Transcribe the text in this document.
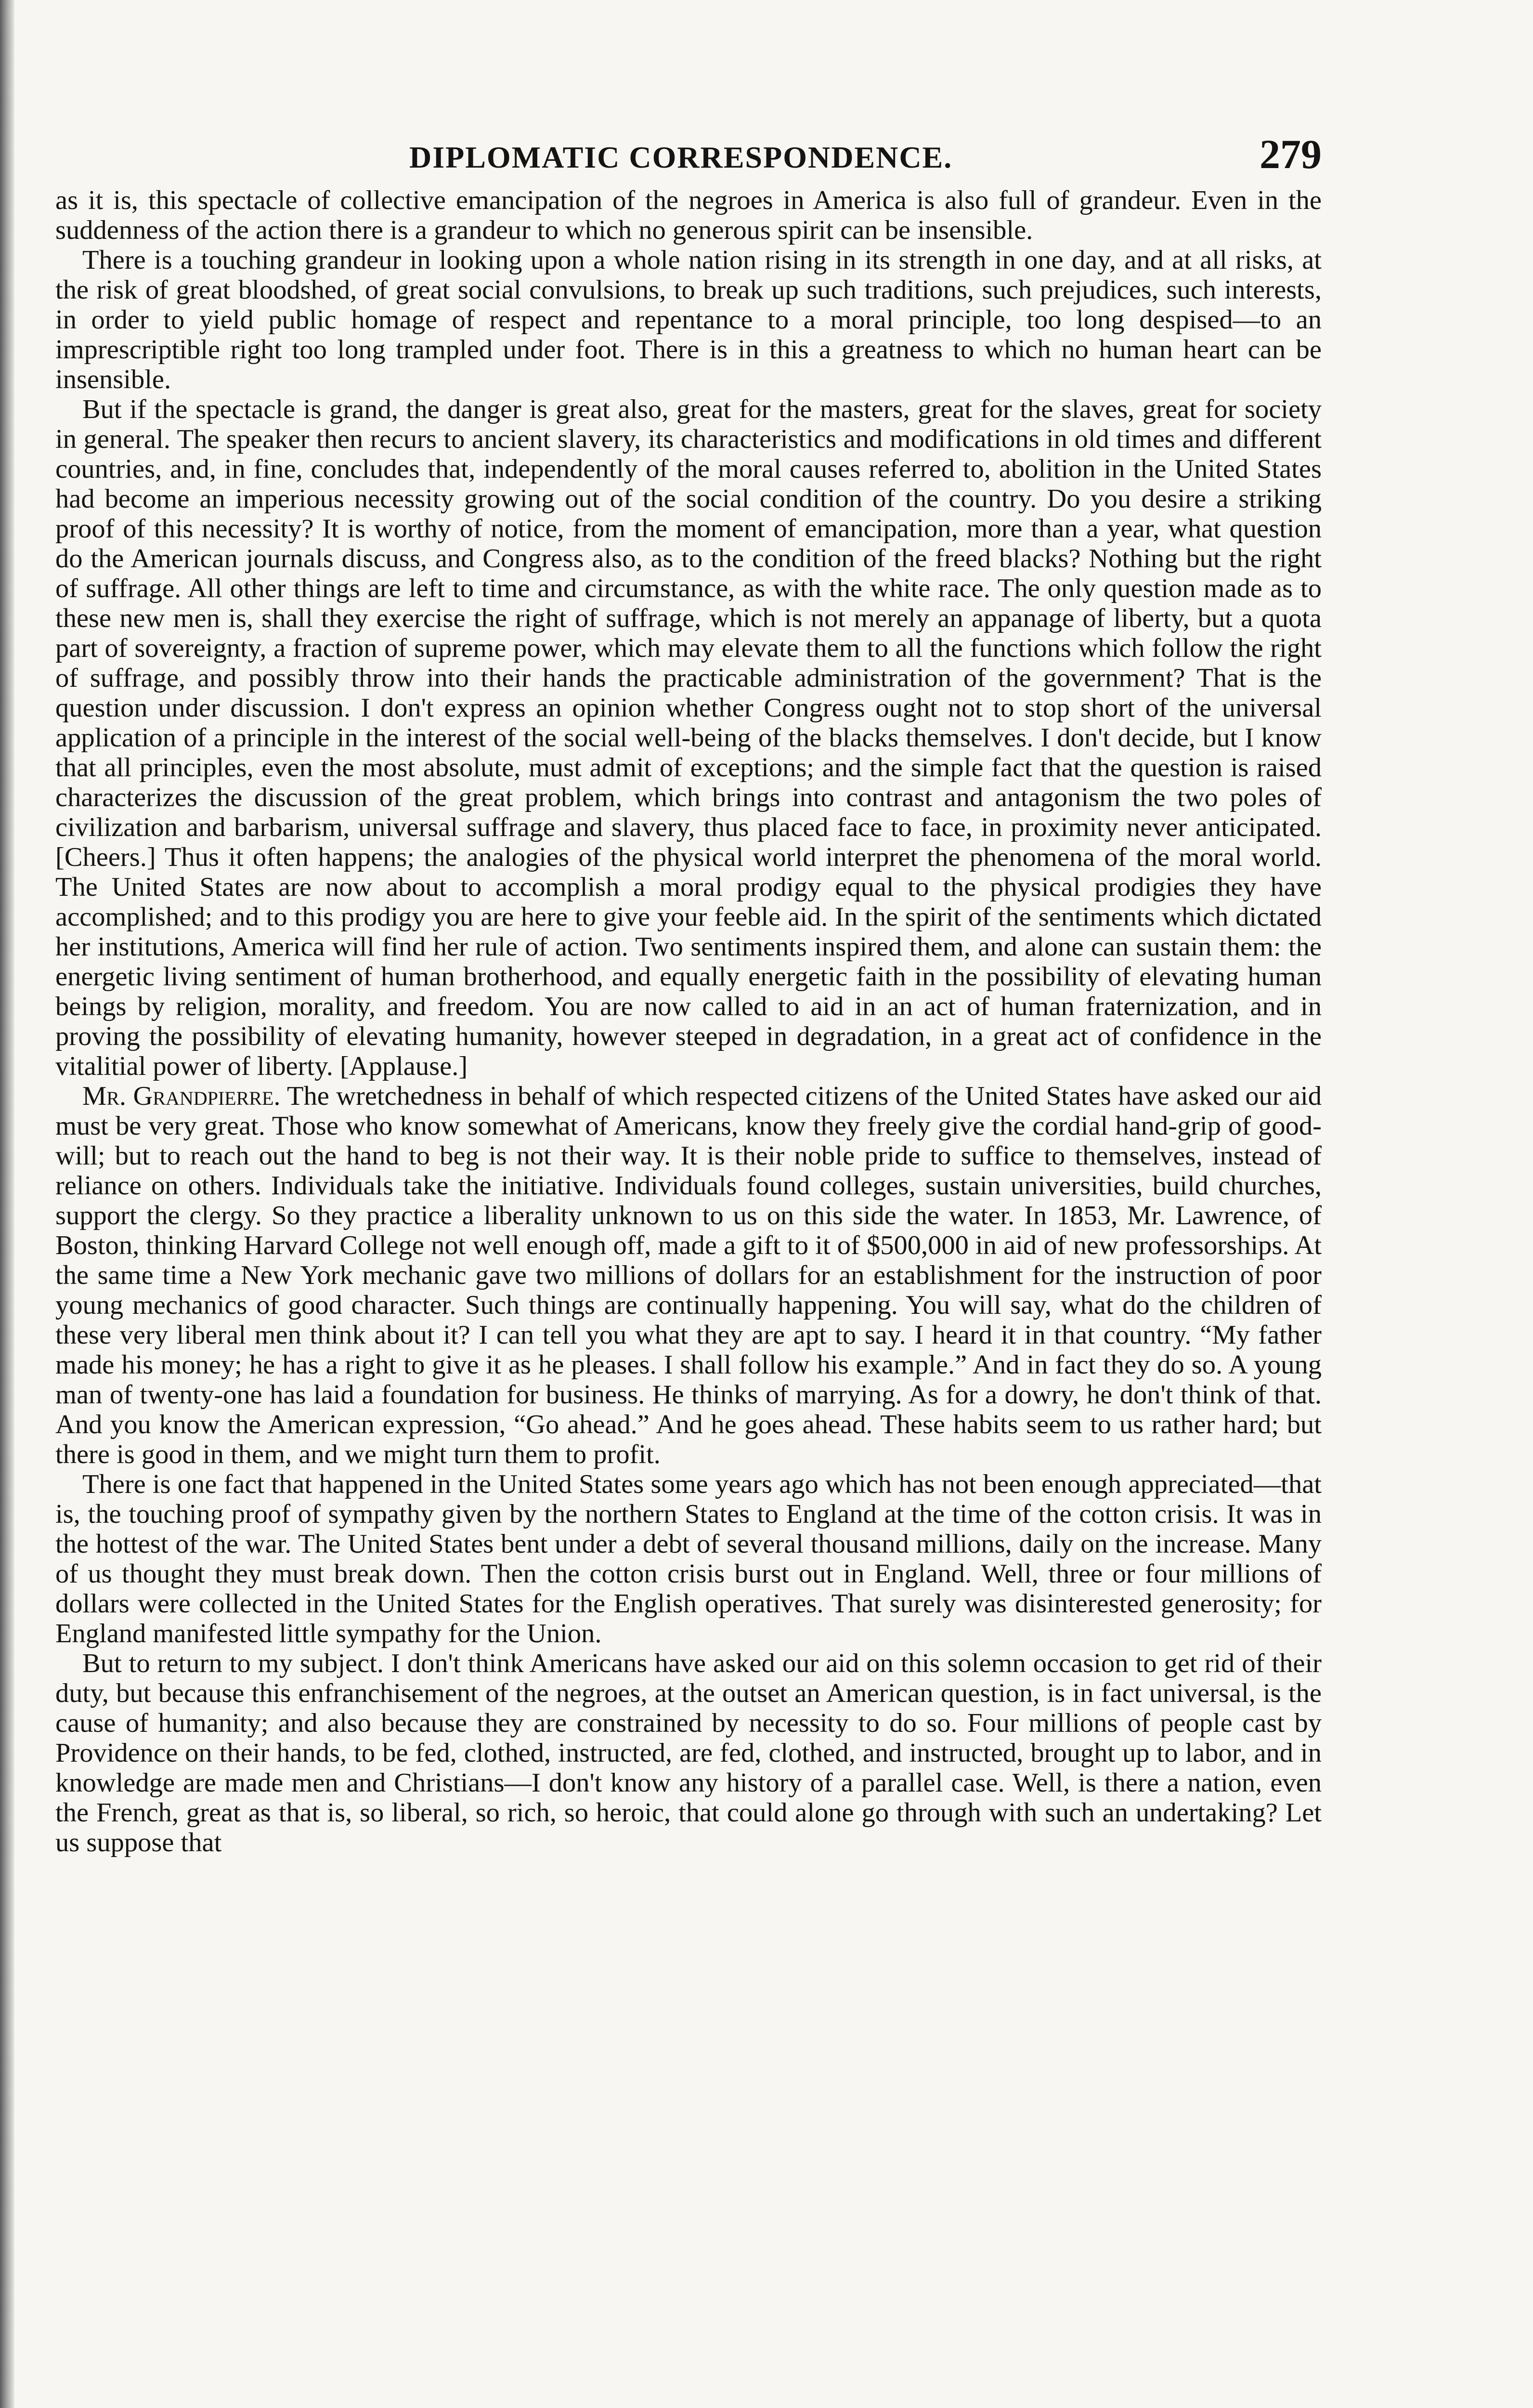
DIPLOMATIC CORRESPONDENCE.	279

as it is, this spectacle of collective emancipation of the negroes in America is also full of grandeur. Even in the suddenness of the action there is a grandeur to which no generous spirit can be insensible.

There is a touching grandeur in looking upon a whole nation rising in its strength in one day, and at all risks, at the risk of great bloodshed, of great social convulsions, to break up such traditions, such prejudices, such interests, in order to yield public homage of respect and repentance to a moral principle, too long despised—to an imprescriptible right too long trampled under foot. There is in this a greatness to which no human heart can be insensible.

But if the spectacle is grand, the danger is great also, great for the masters, great for the slaves, great for society in general. The speaker then recurs to ancient slavery, its characteristics and modifications in old times and different countries, and, in fine, concludes that, independently of the moral causes referred to, abolition in the United States had become an imperious necessity growing out of the social condition of the country. Do you desire a striking proof of this necessity? It is worthy of notice, from the moment of emancipation, more than a year, what question do the American journals discuss, and Congress also, as to the condition of the freed blacks? Nothing but the right of suffrage. All other things are left to time and circumstance, as with the white race. The only question made as to these new men is, shall they exercise the right of suffrage, which is not merely an appanage of liberty, but a quota part of sovereignty, a fraction of supreme power, which may elevate them to all the functions which follow the right of suffrage, and possibly throw into their hands the practicable administration of the government? That is the question under discussion. I don't express an opinion whether Congress ought not to stop short of the universal application of a principle in the interest of the social well-being of the blacks themselves. I don't decide, but I know that all principles, even the most absolute, must admit of exceptions; and the simple fact that the question is raised characterizes the discussion of the great problem, which brings into contrast and antagonism the two poles of civilization and barbarism, universal suffrage and slavery, thus placed face to face, in proximity never anticipated. [Cheers.] Thus it often happens; the analogies of the physical world interpret the phenomena of the moral world. The United States are now about to accomplish a moral prodigy equal to the physical prodigies they have accomplished; and to this prodigy you are here to give your feeble aid. In the spirit of the sentiments which dictated her institutions, America will find her rule of action. Two sentiments inspired them, and alone can sustain them: the energetic living sentiment of human brotherhood, and equally energetic faith in the possibility of elevating human beings by religion, morality, and freedom. You are now called to aid in an act of human fraternization, and in proving the possibility of elevating humanity, however steeped in degradation, in a great act of confidence in the vitalitial power of liberty. [Applause.]

Mr. Grandpierre. The wretchedness in behalf of which respected citizens of the United States have asked our aid must be very great. Those who know somewhat of Americans, know they freely give the cordial hand-grip of good-will; but to reach out the hand to beg is not their way. It is their noble pride to suffice to themselves, instead of reliance on others. Individuals take the initiative. Individuals found colleges, sustain universities, build churches, support the clergy. So they practice a liberality unknown to us on this side the water. In 1853, Mr. Lawrence, of Boston, thinking Harvard College not well enough off, made a gift to it of $500,000 in aid of new professorships. At the same time a New York mechanic gave two millions of dollars for an establishment for the instruction of poor young mechanics of good character. Such things are continually happening. You will say, what do the children of these very liberal men think about it? I can tell you what they are apt to say. I heard it in that country. “My father made his money; he has a right to give it as he pleases. I shall follow his example.” And in fact they do so. A young man of twenty-one has laid a foundation for business. He thinks of marrying. As for a dowry, he don't think of that. And you know the American expression, “Go ahead.” And he goes ahead. These habits seem to us rather hard; but there is good in them, and we might turn them to profit.

There is one fact that happened in the United States some years ago which has not been enough appreciated—that is, the touching proof of sympathy given by the northern States to England at the time of the cotton crisis. It was in the hottest of the war. The United States bent under a debt of several thousand millions, daily on the increase. Many of us thought they must break down. Then the cotton crisis burst out in England. Well, three or four millions of dollars were collected in the United States for the English operatives. That surely was disinterested generosity; for England manifested little sympathy for the Union.

But to return to my subject. I don't think Americans have asked our aid on this solemn occasion to get rid of their duty, but because this enfranchisement of the negroes, at the outset an American question, is in fact universal, is the cause of humanity; and also because they are constrained by necessity to do so. Four millions of people cast by Providence on their hands, to be fed, clothed, instructed, are fed, clothed, and instructed, brought up to labor, and in knowledge are made men and Christians—I don't know any history of a parallel case. Well, is there a nation, even the French, great as that is, so liberal, so rich, so heroic, that could alone go through with such an undertaking? Let us suppose that
